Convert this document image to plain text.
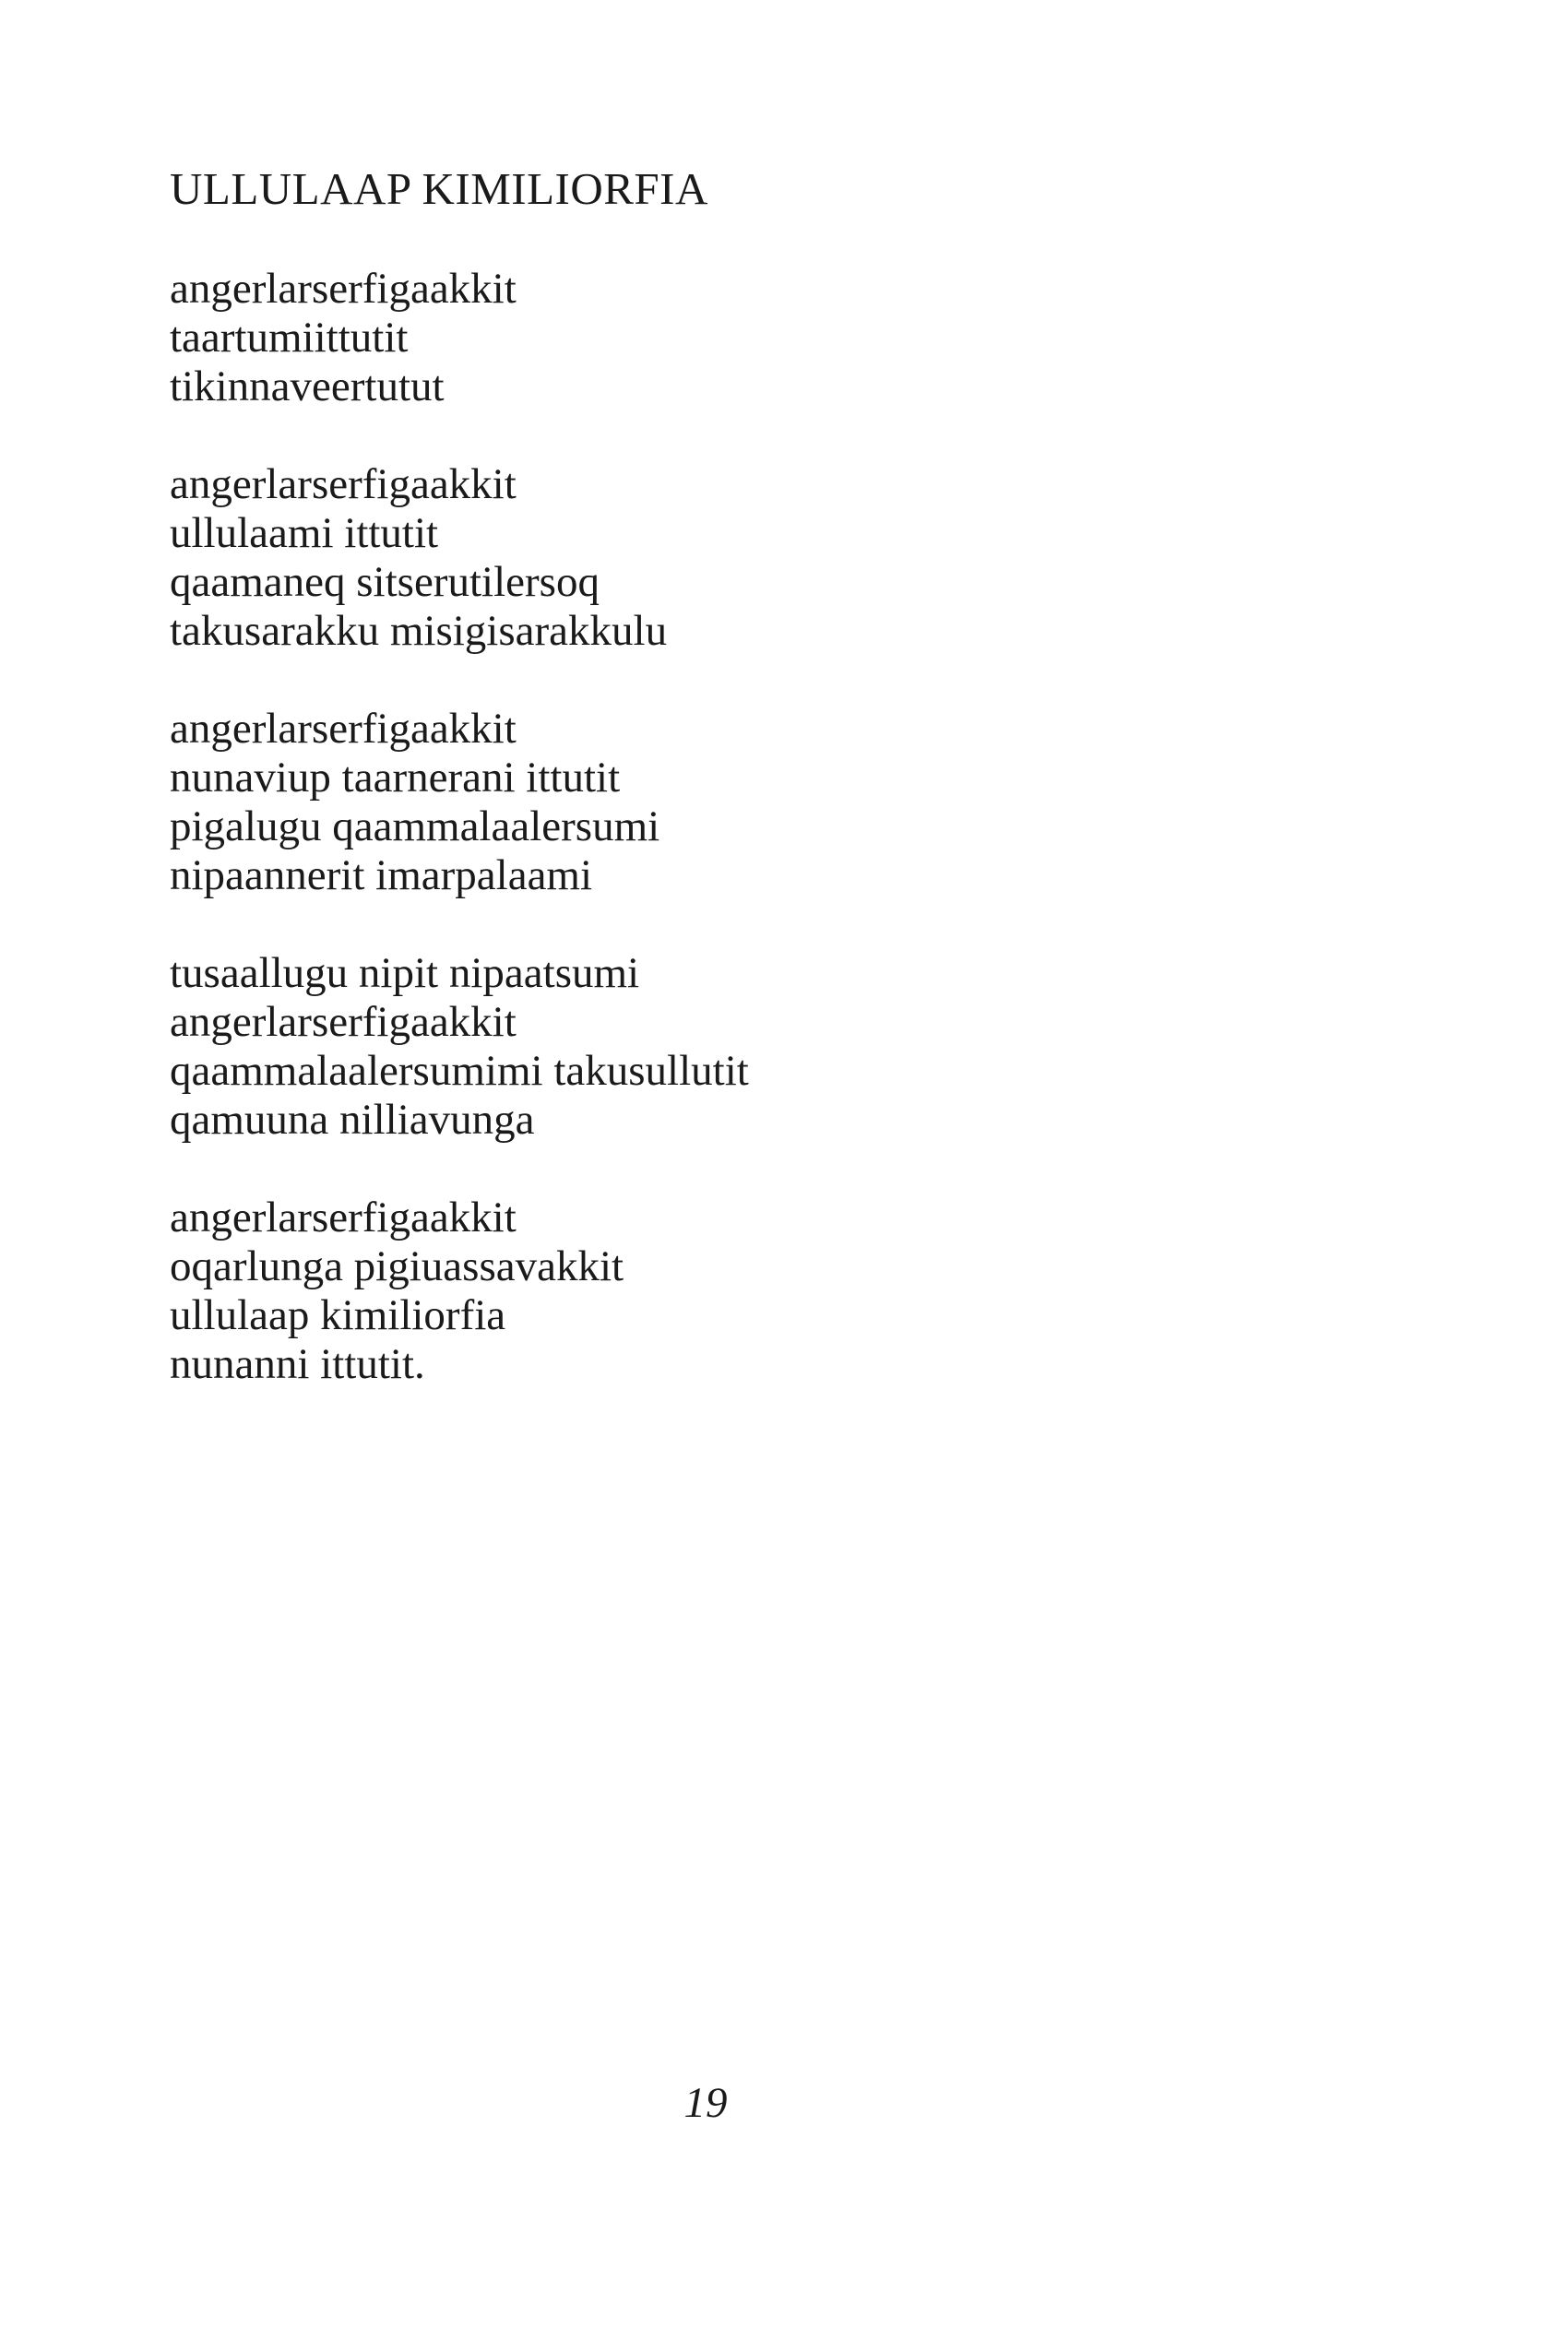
ULLULAAP KIMILIORFIA
angerlarserfigaakkit
taartumiittutit
tikinnaveertutut
angerlarserfigaakkit
ullulaami ittutit
qaamaneq sitserutilersoq
takusarakku misigisarakkulu
angerlarserfigaakkit
nunaviup taarnerani ittutit
pigalugu qaammalaalersumi
nipaannerit imarpalaami
tusaallugu nipit nipaatsumi
angerlarserfigaakkit
qaammalaalersumimi takusullutit
qamuuna nilliavunga
angerlarserfigaakkit
oqarlunga pigiuassavakkit
ullulaap kimiliorfia
nunanni ittutit.
19
